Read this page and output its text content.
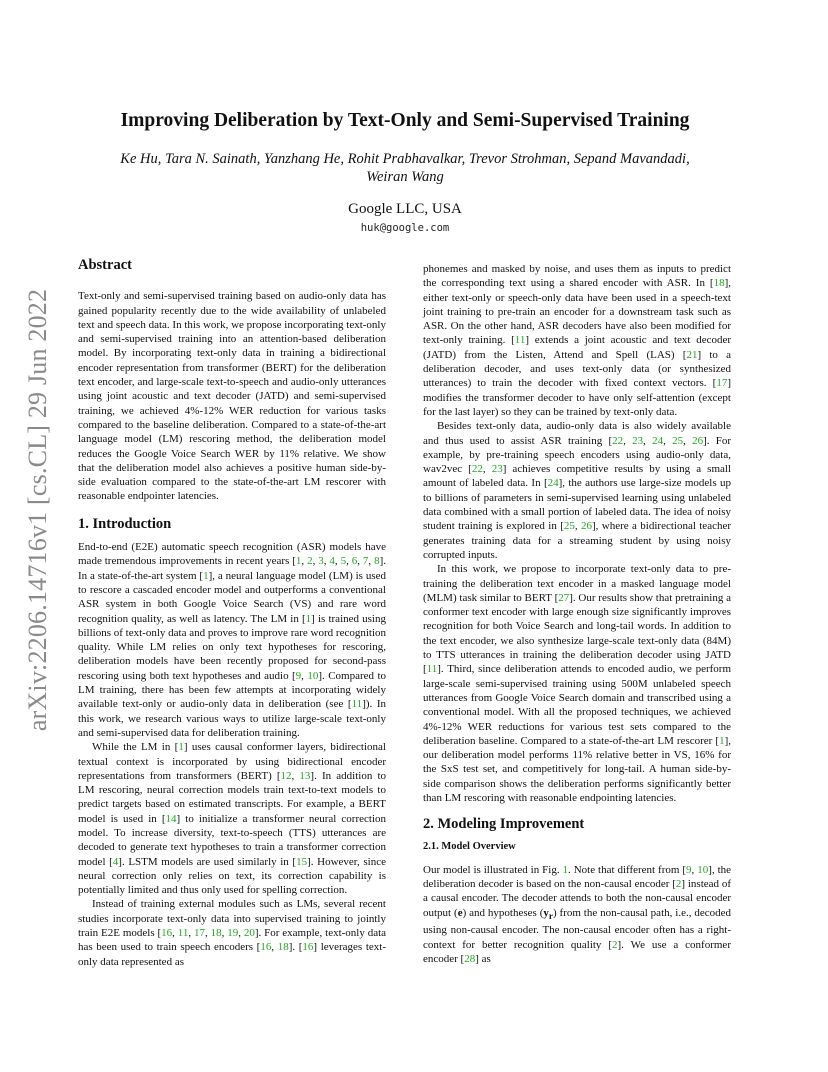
arXiv:2206.14716v1 [cs.CL] 29 Jun 2022
Improving Deliberation by Text-Only and Semi-Supervised Training
Ke Hu, Tara N. Sainath, Yanzhang He, Rohit Prabhavalkar, Trevor Strohman, Sepand Mavandadi,
Weiran Wang
Google LLC, USA
huk@google.com

Abstract

Text-only and semi-supervised training based on audio-only data has gained popularity recently due to the wide availability of unlabeled text and speech data. In this work, we propose incorporating text-only and semi-supervised training into an attention-based deliberation model. By incorporating text-only data in training a bidirectional encoder representation from transformer (BERT) for the deliberation text encoder, and large-scale text-to-speech and audio-only utterances using joint acoustic and text decoder (JATD) and semi-supervised training, we achieved 4%-12% WER reduction for various tasks compared to the baseline deliberation. Compared to a state-of-the-art language model (LM) rescoring method, the deliberation model reduces the Google Voice Search WER by 11% relative. We show that the deliberation model also achieves a positive human side-by-side evaluation compared to the state-of-the-art LM rescorer with reasonable endpointer latencies.

1. Introduction

End-to-end (E2E) automatic speech recognition (ASR) models have made tremendous improvements in recent years [1, 2, 3, 4, 5, 6, 7, 8]. In a state-of-the-art system [1], a neural language model (LM) is used to rescore a cascaded encoder model and outperforms a conventional ASR system in both Google Voice Search (VS) and rare word recognition quality, as well as latency. The LM in [1] is trained using billions of text-only data and proves to improve rare word recognition quality. While LM relies on only text hypotheses for rescoring, deliberation models have been recently proposed for second-pass rescoring using both text hypotheses and audio [9, 10]. Compared to LM training, there has been few attempts at incorporating widely available text-only or audio-only data in deliberation (see [11]). In this work, we research various ways to utilize large-scale text-only and semi-supervised data for deliberation training.

While the LM in [1] uses causal conformer layers, bidirectional textual context is incorporated by using bidirectional encoder representations from transformers (BERT) [12, 13]. In addition to LM rescoring, neural correction models train text-to-text models to predict targets based on estimated transcripts. For example, a BERT model is used in [14] to initialize a transformer neural correction model. To increase diversity, text-to-speech (TTS) utterances are decoded to generate text hypotheses to train a transformer correction model [4]. LSTM models are used similarly in [15]. However, since neural correction only relies on text, its correction capability is potentially limited and thus only used for spelling correction.

Instead of training external modules such as LMs, several recent studies incorporate text-only data into supervised training to jointly train E2E models [16, 11, 17, 18, 19, 20]. For example, text-only data has been used to train speech encoders [16, 18]. [16] leverages text-only data represented as

phonemes and masked by noise, and uses them as inputs to predict the corresponding text using a shared encoder with ASR. In [18], either text-only or speech-only data have been used in a speech-text joint training to pre-train an encoder for a downstream task such as ASR. On the other hand, ASR decoders have also been modified for text-only training. [11] extends a joint acoustic and text decoder (JATD) from the Listen, Attend and Spell (LAS) [21] to a deliberation decoder, and uses text-only data (or synthesized utterances) to train the decoder with fixed context vectors. [17] modifies the transformer decoder to have only self-attention (except for the last layer) so they can be trained by text-only data.

Besides text-only data, audio-only data is also widely available and thus used to assist ASR training [22, 23, 24, 25, 26]. For example, by pre-training speech encoders using audio-only data, wav2vec [22, 23] achieves competitive results by using a small amount of labeled data. In [24], the authors use large-size models up to billions of parameters in semi-supervised learning using unlabeled data combined with a small portion of labeled data. The idea of noisy student training is explored in [25, 26], where a bidirectional teacher generates training data for a streaming student by using noisy corrupted inputs.

In this work, we propose to incorporate text-only data to pre-training the deliberation text encoder in a masked language model (MLM) task similar to BERT [27]. Our results show that pretraining a conformer text encoder with large enough size significantly improves recognition for both Voice Search and long-tail words. In addition to the text encoder, we also synthesize large-scale text-only data (84M) to TTS utterances in training the deliberation decoder using JATD [11]. Third, since deliberation attends to encoded audio, we perform large-scale semi-supervised training using 500M unlabeled speech utterances from Google Voice Search domain and transcribed using a conventional model. With all the proposed techniques, we achieved 4%-12% WER reductions for various test sets compared to the deliberation baseline. Compared to a state-of-the-art LM rescorer [1], our deliberation model performs 11% relative better in VS, 16% for the SxS test set, and competitively for long-tail. A human side-by-side comparison shows the deliberation performs significantly better than LM rescoring with reasonable endpointing latencies.

2. Modeling Improvement

2.1. Model Overview

Our model is illustrated in Fig. 1. Note that different from [9, 10], the deliberation decoder is based on the non-causal encoder [2] instead of a causal encoder. The decoder attends to both the non-causal encoder output (e) and hypotheses $(y_r)$ from the non-causal path, i.e., decoded using non-causal encoder. The non-causal encoder often has a right-context for better recognition quality [2]. We use a conformer encoder [28] as
